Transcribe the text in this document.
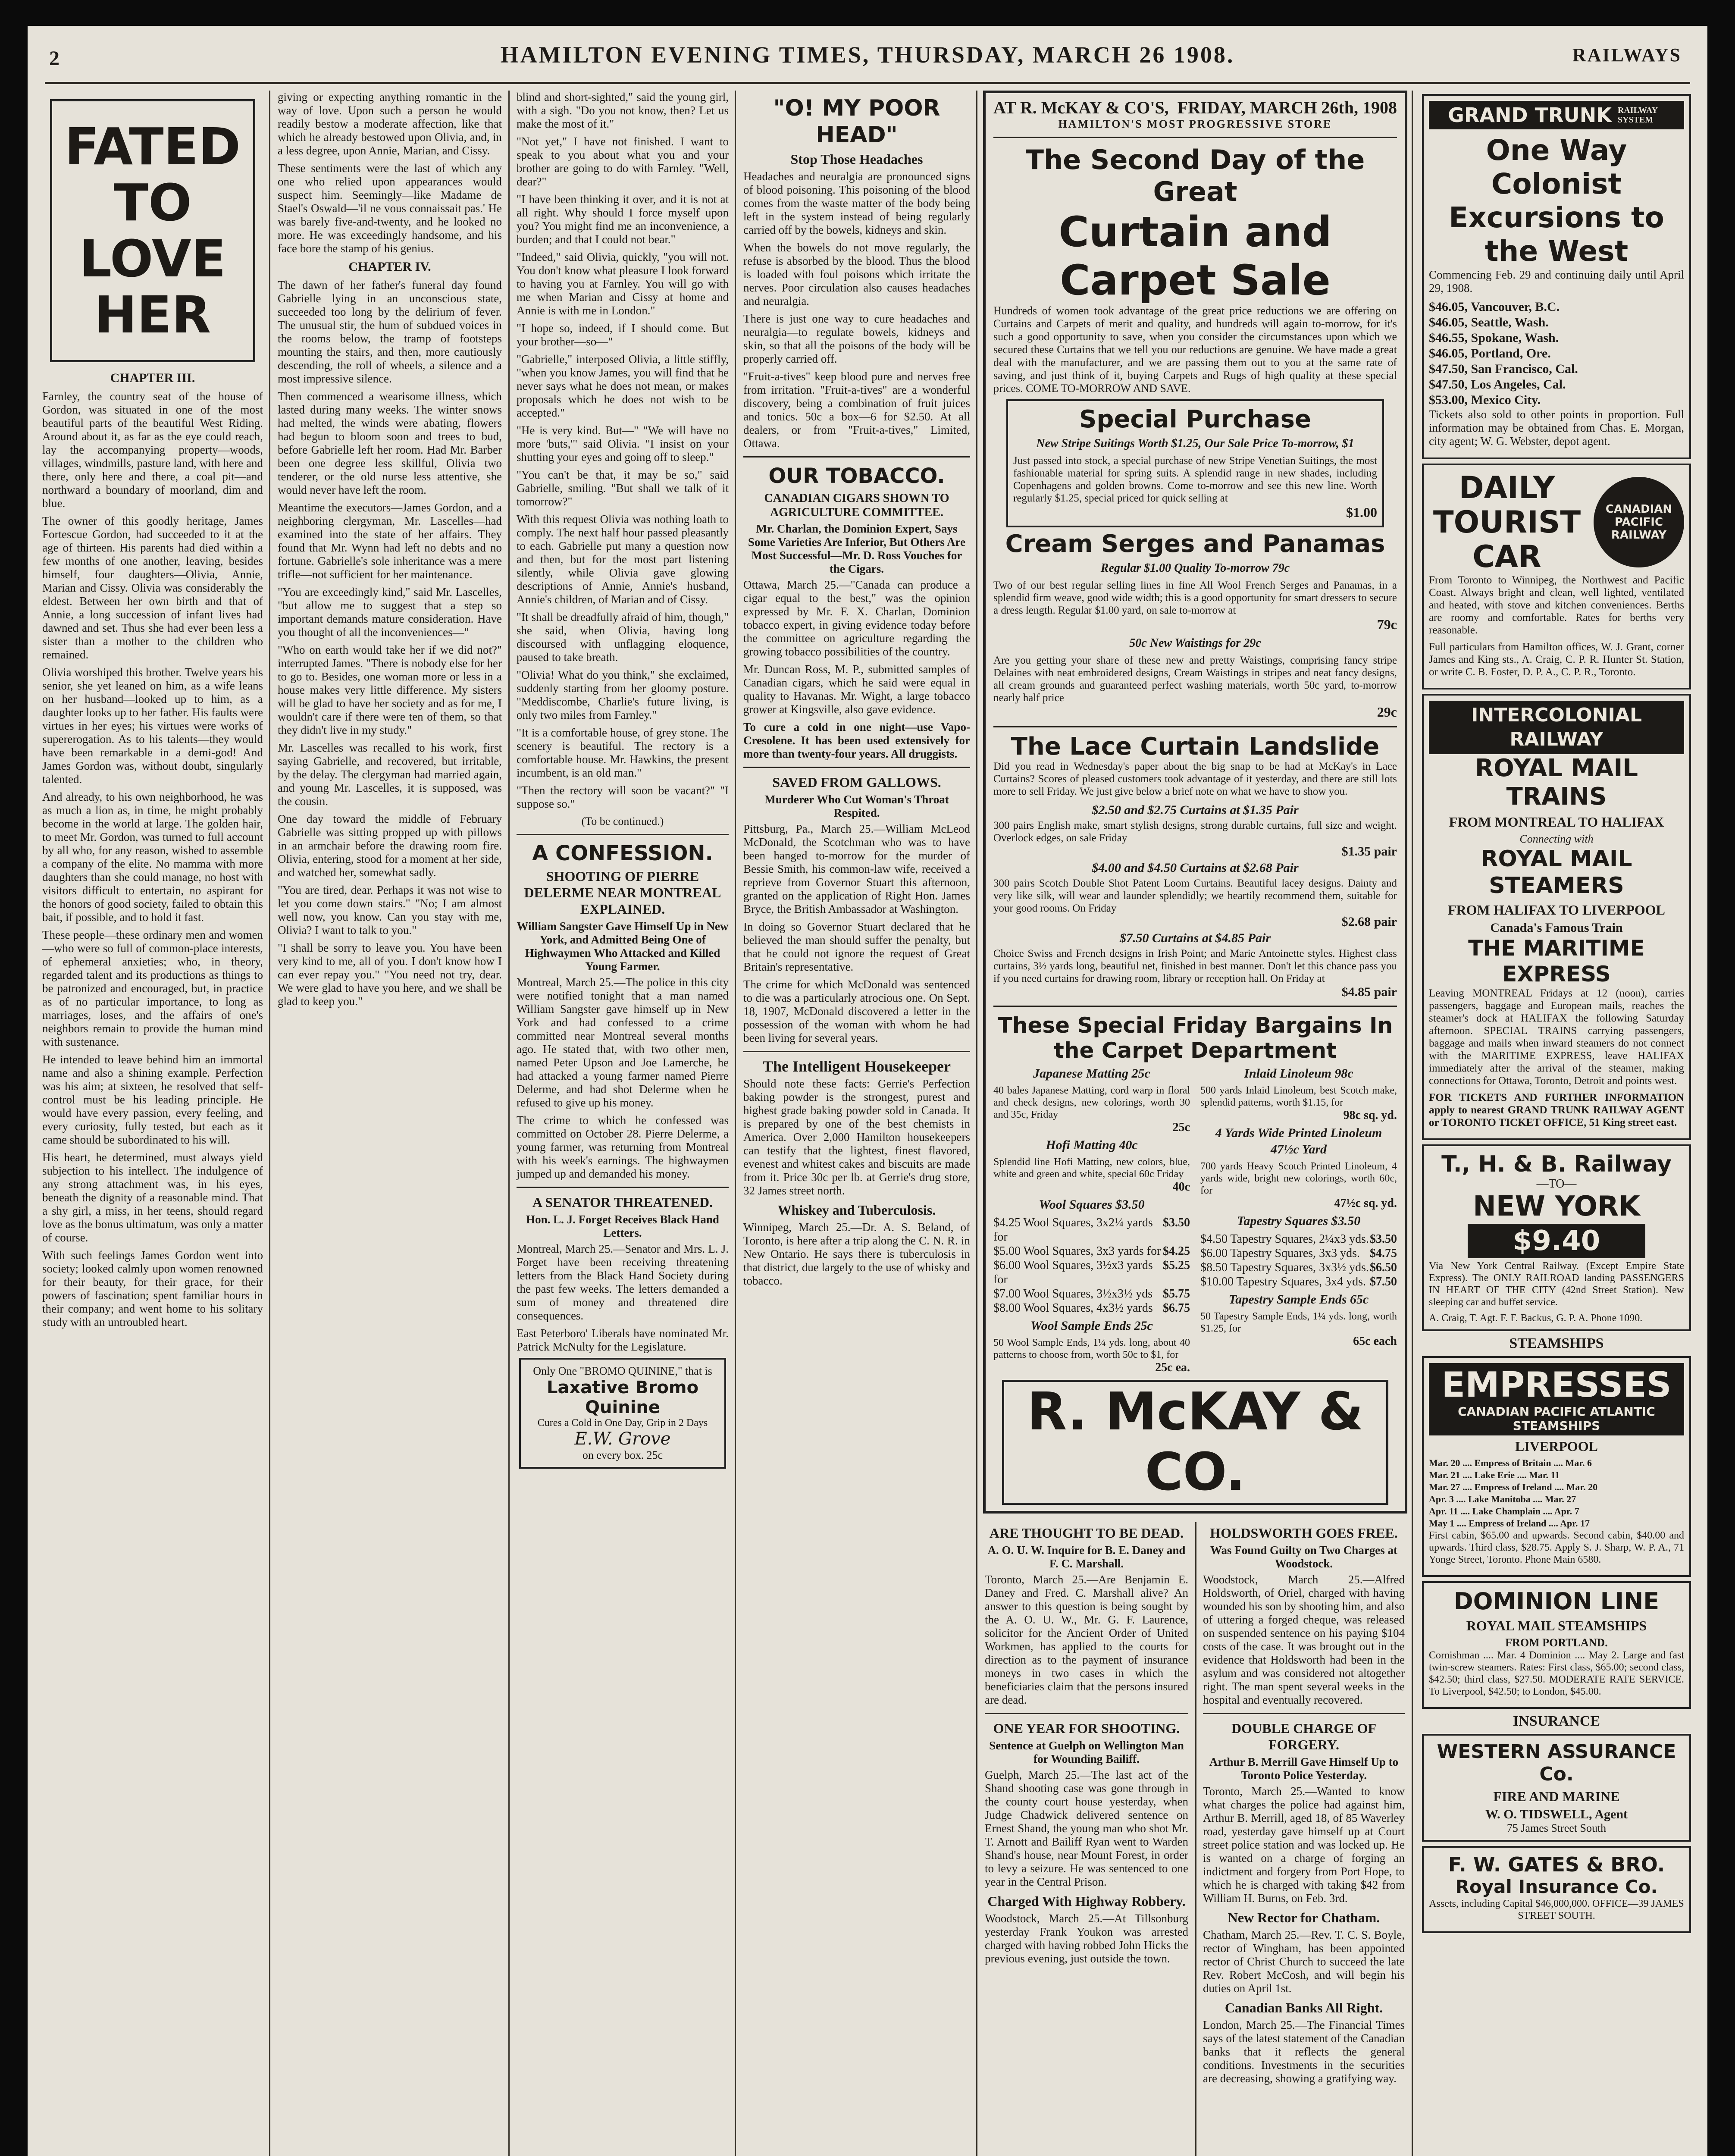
2	HAMILTON EVENING TIMES, THURSDAY, MARCH 26 1908.	RAILWAYS
FATED TO LOVE HER
CHAPTER III.

Farnley, the country seat of the house of Gordon, was situated in one of the most beautiful parts of the beautiful West Riding. Around about it, as far as the eye could reach, lay the accompanying property—woods, villages, windmills, pasture land, with here and there, only here and there, a coal pit—and northward a boundary of moorland, dim and blue.

The owner of this goodly heritage, James Fortescue Gordon, had succeeded to it at the age of thirteen. His parents had died within a few months of one another, leaving, besides himself, four daughters—Olivia, Annie, Marian and Cissy. Olivia was considerably the eldest. Between her own birth and that of Annie, a long succession of infant lives had dawned and set. Thus she had ever been less a sister than a mother to the children who remained.

Olivia worshiped this brother. Twelve years his senior, she yet leaned on him, as a wife leans on her husband—looked up to him, as a daughter looks up to her father. His faults were virtues in her eyes; his virtues were works of supererogation. As to his talents—they would have been remarkable in a demi-god! And James Gordon was, without doubt, singularly talented.

And already, to his own neighborhood, he was as much a lion as, in time, he might probably become in the world at large. The golden hair, to meet Mr. Gordon, was turned to full account by all who, for any reason, wished to assemble a company of the elite. No mamma with more daughters than she could manage, no host with visitors difficult to entertain, no aspirant for the honors of good society, failed to obtain this bait, if possible, and to hold it fast.

These people—these ordinary men and women—who were so full of common-place interests, of ephemeral anxieties; who, in theory, regarded talent and its productions as things to be patronized and encouraged, but, in practice as of no particular importance, to long as marriages, loses, and the affairs of one's neighbors remain to provide the human mind with sustenance.

He intended to leave behind him an immortal name and also a shining example. Perfection was his aim; at sixteen, he resolved that self-control must be his leading principle. He would have every passion, every feeling, and every curiosity, fully tested, but each as it came should be subordinated to his will.

His heart, he determined, must always yield subjection to his intellect. The indulgence of any strong attachment was, in his eyes, beneath the dignity of a reasonable mind. That a shy girl, a miss, in her teens, should regard love as the bonus ultimatum, was only a matter of course.

With such feelings James Gordon went into society; looked calmly upon women renowned for their beauty, for their grace, for their powers of fascination; spent familiar hours in their company; and went home to his solitary study with an untroubled heart.

giving or expecting anything romantic in the way of love. Upon such a person he would readily bestow a moderate affection, like that which he already bestowed upon Olivia, and, in a less degree, upon Annie, Marian, and Cissy.

These sentiments were the last of which any one who relied upon appearances would suspect him. Seemingly—like Madame de Stael's Oswald—'il ne vous connaissait pas.' He was barely five-and-twenty, and he looked no more. He was exceedingly handsome, and his face bore the stamp of his genius.

CHAPTER IV.

The dawn of her father's funeral day found Gabrielle lying in an unconscious state, succeeded too long by the delirium of fever. The unusual stir, the hum of subdued voices in the rooms below, the tramp of footsteps mounting the stairs, and then, more cautiously descending, the roll of wheels, a silence and a most impressive silence.

Then commenced a wearisome illness, which lasted during many weeks. The winter snows had melted, the winds were abating, flowers had begun to bloom soon and trees to bud, before Gabrielle left her room. Had Mr. Barber been one degree less skillful, Olivia two tenderer, or the old nurse less attentive, she would never have left the room.

Meantime the executors—James Gordon, and a neighboring clergyman, Mr. Lascelles—had examined into the state of her affairs. They found that Mr. Wynn had left no debts and no fortune. Gabrielle's sole inheritance was a mere trifle—not sufficient for her maintenance.

"You are exceedingly kind," said Mr. Lascelles, "but allow me to suggest that a step so important demands mature consideration. Have you thought of all the inconveniences—"

"Who on earth would take her if we did not?" interrupted James. "There is nobody else for her to go to. Besides, one woman more or less in a house makes very little difference. My sisters will be glad to have her society and as for me, I wouldn't care if there were ten of them, so that they didn't live in my study."

Mr. Lascelles was recalled to his work, first saying Gabrielle, and recovered, but irritable, by the delay. The clergyman had married again, and young Mr. Lascelles, it is supposed, was the cousin.

One day toward the middle of February Gabrielle was sitting propped up with pillows in an armchair before the drawing room fire. Olivia, entering, stood for a moment at her side, and watched her, somewhat sadly.

"You are tired, dear. Perhaps it was not wise to let you come down stairs." "No; I am almost well now, you know. Can you stay with me, Olivia? I want to talk to you."

"I shall be sorry to leave you. You have been very kind to me, all of you. I don't know how I can ever repay you." "You need not try, dear. We were glad to have you here, and we shall be glad to keep you."

blind and short-sighted," said the young girl, with a sigh. "Do you not know, then? Let us make the most of it."

"Not yet," I have not finished. I want to speak to you about what you and your brother are going to do with Farnley. "Well, dear?"

"I have been thinking it over, and it is not at all right. Why should I force myself upon you? You might find me an inconvenience, a burden; and that I could not bear."

"Indeed," said Olivia, quickly, "you will not. You don't know what pleasure I look forward to having you at Farnley. You will go with me when Marian and Cissy at home and Annie is with me in London."

"I hope so, indeed, if I should come. But your brother—so—"

"Gabrielle," interposed Olivia, a little stiffly, "when you know James, you will find that he never says what he does not mean, or makes proposals which he does not wish to be accepted."

"He is very kind. But—" "We will have no more 'buts,'" said Olivia. "I insist on your shutting your eyes and going off to sleep."

"You can't be that, it may be so," said Gabrielle, smiling. "But shall we talk of it tomorrow?"

With this request Olivia was nothing loath to comply. The next half hour passed pleasantly to each. Gabrielle put many a question now and then, but for the most part listening silently, while Olivia gave glowing descriptions of Annie, Annie's husband, Annie's children, of Marian and of Cissy.

"It shall be dreadfully afraid of him, though," she said, when Olivia, having long discoursed with unflagging eloquence, paused to take breath.

"Olivia! What do you think," she exclaimed, suddenly starting from her gloomy posture. "Meddiscombe, Charlie's future living, is only two miles from Farnley."

"It is a comfortable house, of grey stone. The scenery is beautiful. The rectory is a comfortable house. Mr. Hawkins, the present incumbent, is an old man."

"Then the rectory will soon be vacant?" "I suppose so."

(To be continued.)
A CONFESSION.
SHOOTING OF PIERRE DELERME NEAR MONTREAL EXPLAINED.
William Sangster Gave Himself Up in New York, and Admitted Being One of Highwaymen Who Attacked and Killed Young Farmer.

Montreal, March 25.—The police in this city were notified tonight that a man named William Sangster gave himself up in New York and had confessed to a crime committed near Montreal several months ago. He stated that, with two other men, named Peter Upson and Joe Lamerche, he had attacked a young farmer named Pierre Delerme, and had shot Delerme when he refused to give up his money.

The crime to which he confessed was committed on October 28. Pierre Delerme, a young farmer, was returning from Montreal with his week's earnings. The highwaymen jumped up and demanded his money.

A SENATOR THREATENED.
Hon. L. J. Forget Receives Black Hand Letters.

Montreal, March 25.—Senator and Mrs. L. J. Forget have been receiving threatening letters from the Black Hand Society during the past few weeks. The letters demanded a sum of money and threatened dire consequences.

East Peterboro' Liberals have nominated Mr. Patrick McNulty for the Legislature.

Only One "BROMO QUININE," that is
Laxative Bromo Quinine
Cures a Cold in One Day, Grip in 2 Days
E.W. Grove
on every box. 25c
"O! MY POOR HEAD"
Stop Those Headaches

Headaches and neuralgia are pronounced signs of blood poisoning. This poisoning of the blood comes from the waste matter of the body being left in the system instead of being regularly carried off by the bowels, kidneys and skin.

When the bowels do not move regularly, the refuse is absorbed by the blood. Thus the blood is loaded with foul poisons which irritate the nerves. Poor circulation also causes headaches and neuralgia.

There is just one way to cure headaches and neuralgia—to regulate bowels, kidneys and skin, so that all the poisons of the body will be properly carried off.

"Fruit-a-tives" keep blood pure and nerves free from irritation. "Fruit-a-tives" are a wonderful discovery, being a combination of fruit juices and tonics. 50c a box—6 for $2.50. At all dealers, or from "Fruit-a-tives," Limited, Ottawa.

OUR TOBACCO.
CANADIAN CIGARS SHOWN TO AGRICULTURE COMMITTEE.
Mr. Charlan, the Dominion Expert, Says Some Varieties Are Inferior, But Others Are Most Successful—Mr. D. Ross Vouches for the Cigars.

Ottawa, March 25.—"Canada can produce a cigar equal to the best," was the opinion expressed by Mr. F. X. Charlan, Dominion tobacco expert, in giving evidence today before the committee on agriculture regarding the growing tobacco possibilities of the country.

Mr. Duncan Ross, M. P., submitted samples of Canadian cigars, which he said were equal in quality to Havanas. Mr. Wight, a large tobacco grower at Kingsville, also gave evidence.

To cure a cold in one night—use Vapo-Cresolene. It has been used extensively for more than twenty-four years. All druggists.

SAVED FROM GALLOWS.
Murderer Who Cut Woman's Throat Respited.

Pittsburg, Pa., March 25.—William McLeod McDonald, the Scotchman who was to have been hanged to-morrow for the murder of Bessie Smith, his common-law wife, received a reprieve from Governor Stuart this afternoon, granted on the application of Right Hon. James Bryce, the British Ambassador at Washington.

In doing so Governor Stuart declared that he believed the man should suffer the penalty, but that he could not ignore the request of Great Britain's representative.

The crime for which McDonald was sentenced to die was a particularly atrocious one. On Sept. 18, 1907, McDonald discovered a letter in the possession of the woman with whom he had been living for several years.

The Intelligent Housekeeper

Should note these facts: Gerrie's Perfection baking powder is the strongest, purest and highest grade baking powder sold in Canada. It is prepared by one of the best chemists in America. Over 2,000 Hamilton housekeepers can testify that the lightest, finest flavored, evenest and whitest cakes and biscuits are made from it. Price 30c per lb. at Gerrie's drug store, 32 James street north.

Whiskey and Tuberculosis.

Winnipeg, March 25.—Dr. A. S. Beland, of Toronto, is here after a trip along the C. N. R. in New Ontario. He says there is tuberculosis in that district, due largely to the use of whisky and tobacco.

AT R. McKAY & CO'S, FRIDAY, MARCH 26th, 1908
HAMILTON'S MOST PROGRESSIVE STORE
The Second Day of the Great
Curtain and Carpet Sale

Hundreds of women took advantage of the great price reductions we are offering on Curtains and Carpets of merit and quality, and hundreds will again to-morrow, for it's such a good opportunity to save, when you consider the circumstances upon which we secured these Curtains that we tell you our reductions are genuine. We have made a great deal with the manufacturer, and we are passing them out to you at the same rate of saving, and just think of it, buying Carpets and Rugs of high quality at these special prices. COME TO-MORROW AND SAVE.

Special Purchase
New Stripe Suitings Worth $1.25, Our Sale Price To-morrow, $1

Just passed into stock, a special purchase of new Stripe Venetian Suitings, the most fashionable material for spring suits. A splendid range in new shades, including Copenhagens and golden browns. Come to-morrow and see this new line. Worth regularly $1.25, special priced for quick selling at

$1.00
Cream Serges and Panamas
Regular $1.00 Quality To-morrow 79c

Two of our best regular selling lines in fine All Wool French Serges and Panamas, in a splendid firm weave, good wide width; this is a good opportunity for smart dressers to secure a dress length. Regular $1.00 yard, on sale to-morrow at

79c
50c New Waistings for 29c

Are you getting your share of these new and pretty Waistings, comprising fancy stripe Delaines with neat embroidered designs, Cream Waistings in stripes and neat fancy designs, all cream grounds and guaranteed perfect washing materials, worth 50c yard, to-morrow nearly half price

29c
The Lace Curtain Landslide

Did you read in Wednesday's paper about the big snap to be had at McKay's in Lace Curtains? Scores of pleased customers took advantage of it yesterday, and there are still lots more to sell Friday. We just give below a brief note on what we have to show you.

$2.50 and $2.75 Curtains at $1.35 Pair

300 pairs English make, smart stylish designs, strong durable curtains, full size and weight. Overlock edges, on sale Friday

$1.35 pair
$4.00 and $4.50 Curtains at $2.68 Pair

300 pairs Scotch Double Shot Patent Loom Curtains. Beautiful lacey designs. Dainty and very like silk, will wear and launder splendidly; we heartily recommend them, suitable for your good rooms. On Friday

$2.68 pair
$7.50 Curtains at $4.85 Pair

Choice Swiss and French designs in Irish Point; and Marie Antoinette styles. Highest class curtains, 3½ yards long, beautiful net, finished in best manner. Don't let this chance pass you if you need curtains for drawing room, library or reception hall. On Friday at

$4.85 pair
These Special Friday Bargains In the Carpet Department
Japanese Matting 25c

40 bales Japanese Matting, cord warp in floral and check designs, new colorings, worth 30 and 35c, Friday

25c
Hofi Matting 40c

Splendid line Hofi Matting, new colors, blue, white and green and white, special 60c Friday

40c
Wool Squares $3.50
$4.25 Wool Squares, 3x2¼ yards for
$3.50
$5.00 Wool Squares, 3x3 yards for $4.25
$6.00 Wool Squares, 3½x3 yards for
$5.25
$7.00 Wool Squares, 3½x3½ yds $5.75
$8.00 Wool Squares, 4x3½ yards $6.75
Wool Sample Ends 25c

50 Wool Sample Ends, 1¼ yds. long, about 40 patterns to choose from, worth 50c to $1, for

25c ea.
Inlaid Linoleum 98c

500 yards Inlaid Linoleum, best Scotch make, splendid patterns, worth $1.15, for

98c sq. yd.
4 Yards Wide Printed Linoleum 47½c Yard

700 yards Heavy Scotch Printed Linoleum, 4 yards wide, bright new colorings, worth 60c, for

47½c sq. yd.
Tapestry Squares $3.50
$4.50 Tapestry Squares, 2¼x3 yds. $3.50
$6.00 Tapestry Squares, 3x3 yds. $4.75
$8.50 Tapestry Squares, 3x3½ yds. $6.50
$10.00 Tapestry Squares, 3x4 yds. $7.50
Tapestry Sample Ends 65c

50 Tapestry Sample Ends, 1¼ yds. long, worth $1.25, for

65c each
R. McKAY & CO.
ARE THOUGHT TO BE DEAD.
A. O. U. W. Inquire for B. E. Daney and F. C. Marshall.

Toronto, March 25.—Are Benjamin E. Daney and Fred. C. Marshall alive? An answer to this question is being sought by the A. O. U. W., Mr. G. F. Laurence, solicitor for the Ancient Order of United Workmen, has applied to the courts for direction as to the payment of insurance moneys in two cases in which the beneficiaries claim that the persons insured are dead.

ONE YEAR FOR SHOOTING.
Sentence at Guelph on Wellington Man for Wounding Bailiff.

Guelph, March 25.—The last act of the Shand shooting case was gone through in the county court house yesterday, when Judge Chadwick delivered sentence on Ernest Shand, the young man who shot Mr. T. Arnott and Bailiff Ryan went to Warden Shand's house, near Mount Forest, in order to levy a seizure. He was sentenced to one year in the Central Prison.

Charged With Highway Robbery.

Woodstock, March 25.—At Tillsonburg yesterday Frank Youkon was arrested charged with having robbed John Hicks the previous evening, just outside the town.

HOLDSWORTH GOES FREE.
Was Found Guilty on Two Charges at Woodstock.

Woodstock, March 25.—Alfred Holdsworth, of Oriel, charged with having wounded his son by shooting him, and also of uttering a forged cheque, was released on suspended sentence on his paying $104 costs of the case. It was brought out in the evidence that Holdsworth had been in the asylum and was considered not altogether right. The man spent several weeks in the hospital and eventually recovered.

DOUBLE CHARGE OF FORGERY.
Arthur B. Merrill Gave Himself Up to Toronto Police Yesterday.

Toronto, March 25.—Wanted to know what charges the police had against him, Arthur B. Merrill, aged 18, of 85 Waverley road, yesterday gave himself up at Court street police station and was locked up. He is wanted on a charge of forging an indictment and forgery from Port Hope, to which he is charged with taking $42 from William H. Burns, on Feb. 3rd.

New Rector for Chatham.

Chatham, March 25.—Rev. T. C. S. Boyle, rector of Wingham, has been appointed rector of Christ Church to succeed the late Rev. Robert McCosh, and will begin his duties on April 1st.

Canadian Banks All Right.

London, March 25.—The Financial Times says of the latest statement of the Canadian banks that it reflects the general conditions. Investments in the securities are decreasing, showing a gratifying way.

GRAND TRUNK RAILWAY SYSTEM
One Way Colonist Excursions to the West

Commencing Feb. 29 and continuing daily until April 29, 1908.

$46.05, Vancouver, B.C.
$46.05, Seattle, Wash.
$46.55, Spokane, Wash.
$46.05, Portland, Ore.
$47.50, San Francisco, Cal.
$47.50, Los Angeles, Cal.
$53.00, Mexico City.

Tickets also sold to other points in proportion. Full information may be obtained from Chas. E. Morgan, city agent; W. G. Webster, depot agent.

DAILY TOURIST CAR
CANADIAN PACIFIC RAILWAY

From Toronto to Winnipeg, the Northwest and Pacific Coast. Always bright and clean, well lighted, ventilated and heated, with stove and kitchen conveniences. Berths are roomy and comfortable. Rates for berths very reasonable.

Full particulars from Hamilton offices, W. J. Grant, corner James and King sts., A. Craig, C. P. R. Hunter St. Station, or write C. B. Foster, D. P. A., C. P. R., Toronto.

INTERCOLONIAL RAILWAY
ROYAL MAIL TRAINS
FROM MONTREAL TO HALIFAX
Connecting with
ROYAL MAIL STEAMERS
FROM HALIFAX TO LIVERPOOL
Canada's Famous Train
THE MARITIME EXPRESS

Leaving MONTREAL Fridays at 12 (noon), carries passengers, baggage and European mails, reaches the steamer's dock at HALIFAX the following Saturday afternoon. SPECIAL TRAINS carrying passengers, baggage and mails when inward steamers do not connect with the MARITIME EXPRESS, leave HALIFAX immediately after the arrival of the steamer, making connections for Ottawa, Toronto, Detroit and points west.

FOR TICKETS AND FURTHER INFORMATION apply to nearest GRAND TRUNK RAILWAY AGENT or TORONTO TICKET OFFICE, 51 King street east.

T., H. & B. Railway
—TO—
NEW YORK
$9.40

Via New York Central Railway. (Except Empire State Express). The ONLY RAILROAD landing PASSENGERS IN HEART OF THE CITY (42nd Street Station). New sleeping car and buffet service.

A. Craig, T. Agt. F. F. Backus, G. P. A. Phone 1090.
STEAMSHIPS
EMPRESSES
CANADIAN PACIFIC ATLANTIC STEAMSHIPS
LIVERPOOL
Mar. 20 .... Empress of Britain .... Mar. 6
Mar. 21 .... Lake Erie .... Mar. 11
Mar. 27 .... Empress of Ireland .... Mar. 20
Apr. 3 .... Lake Manitoba .... Mar. 27
Apr. 11 .... Lake Champlain .... Apr. 7
May 1 .... Empress of Ireland .... Apr. 17

First cabin, $65.00 and upwards. Second cabin, $40.00 and upwards. Third class, $28.75. Apply S. J. Sharp, W. P. A., 71 Yonge Street, Toronto. Phone Main 6580.

DOMINION LINE
ROYAL MAIL STEAMSHIPS
FROM PORTLAND.

Cornishman .... Mar. 4 Dominion .... May 2. Large and fast twin-screw steamers. Rates: First class, $65.00; second class, $42.50; third class, $27.50. MODERATE RATE SERVICE. To Liverpool, $42.50; to London, $45.00.

INSURANCE
WESTERN ASSURANCE Co.
FIRE AND MARINE
W. O. TIDSWELL, Agent
75 James Street South
F. W. GATES & BRO.
Royal Insurance Co.

Assets, including Capital $46,000,000. OFFICE—39 JAMES STREET SOUTH.
